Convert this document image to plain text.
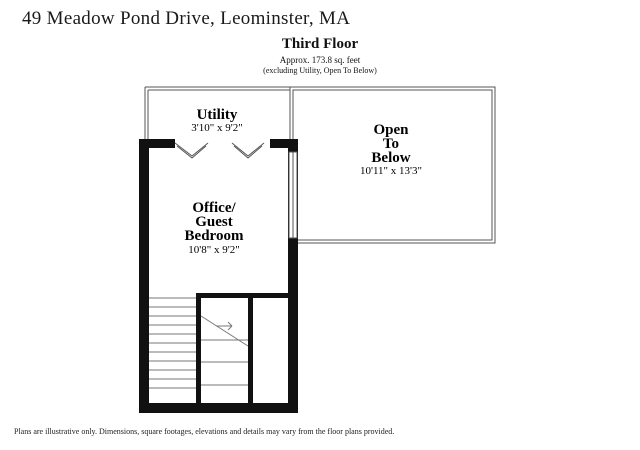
49 Meadow Pond Drive, Leominster, MA
Third Floor
Approx. 173.8 sq. feet
(excluding Utility, Open To Below)
Utility
3'10" x 9'2"
Office/
Guest
Bedroom
10'8" x 9'2"
Open
To
Below
10'11" x 13'3"
Plans are illustrative only. Dimensions, square footages, elevations and details may vary from the floor plans provided.
